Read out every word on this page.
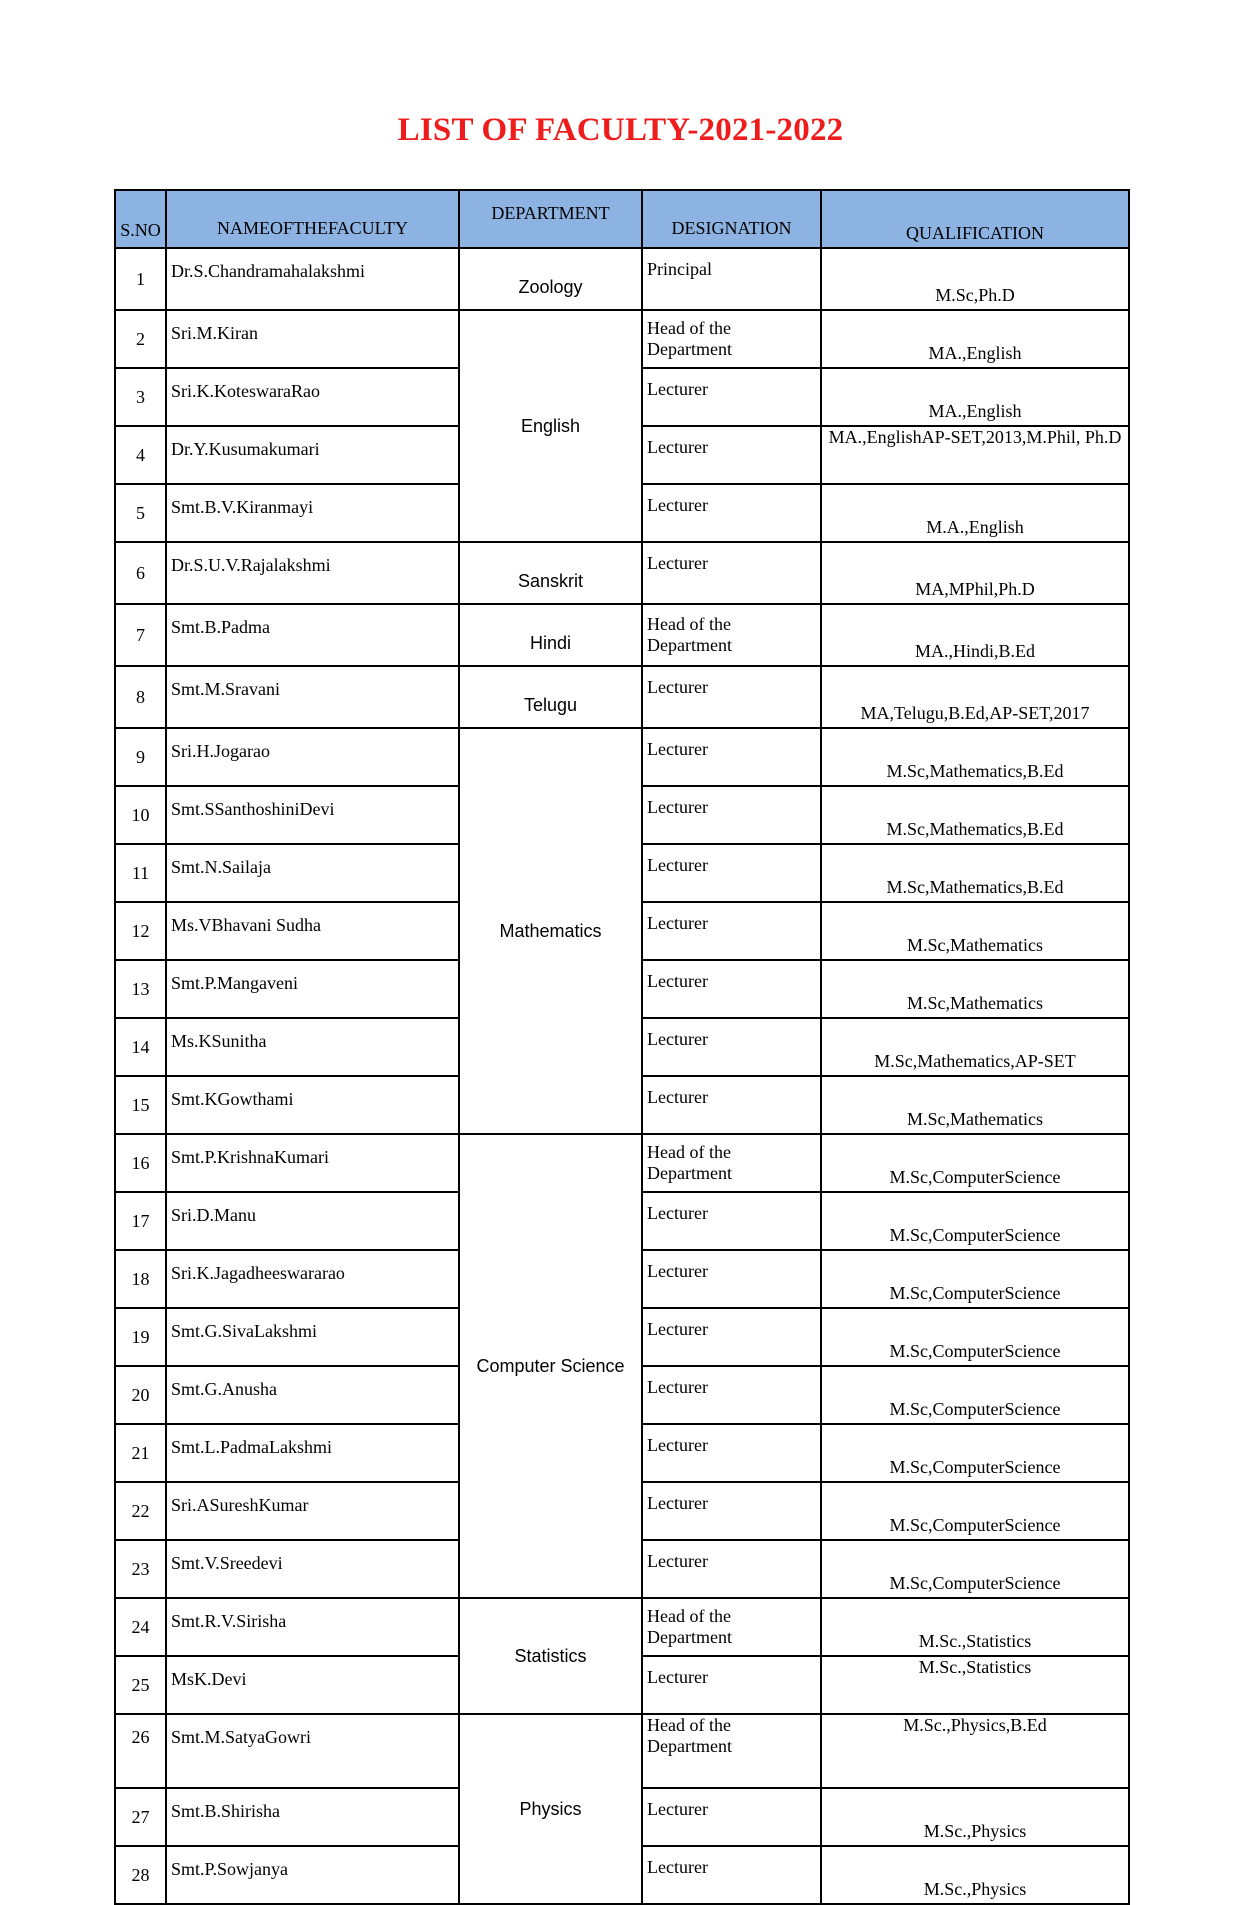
LIST OF FACULTY-2021-2022
S.NO	NAMEOFTHEFACULTY	DEPARTMENT	DESIGNATION	QUALIFICATION
1	Dr.S.Chandramahalakshmi	Zoology	Principal	M.Sc,Ph.D
2	Sri.M.Kiran	English	Head of the Department	MA.,English
3	Sri.K.KoteswaraRao		Lecturer	MA.,English
4	Dr.Y.Kusumakumari		Lecturer	MA.,EnglishAP-SET,2013,M.Phil, Ph.D
5	Smt.B.V.Kiranmayi		Lecturer	M.A.,English
6	Dr.S.U.V.Rajalakshmi	Sanskrit	Lecturer	MA,MPhil,Ph.D
7	Smt.B.Padma	Hindi	Head of the Department	MA.,Hindi,B.Ed
8	Smt.M.Sravani	Telugu	Lecturer	MA,Telugu,B.Ed,AP-SET,2017
9	Sri.H.Jogarao	Mathematics	Lecturer	M.Sc,Mathematics,B.Ed
10	Smt.SSanthoshiniDevi		Lecturer	M.Sc,Mathematics,B.Ed
11	Smt.N.Sailaja		Lecturer	M.Sc,Mathematics,B.Ed
12	Ms.VBhavani Sudha		Lecturer	M.Sc,Mathematics
13	Smt.P.Mangaveni		Lecturer	M.Sc,Mathematics
14	Ms.KSunitha		Lecturer	M.Sc,Mathematics,AP-SET
15	Smt.KGowthami		Lecturer	M.Sc,Mathematics
16	Smt.P.KrishnaKumari	Computer Science	Head of the Department	M.Sc,ComputerScience
17	Sri.D.Manu		Lecturer	M.Sc,ComputerScience
18	Sri.K.Jagadheeswararao		Lecturer	M.Sc,ComputerScience
19	Smt.G.SivaLakshmi		Lecturer	M.Sc,ComputerScience
20	Smt.G.Anusha		Lecturer	M.Sc,ComputerScience
21	Smt.L.PadmaLakshmi		Lecturer	M.Sc,ComputerScience
22	Sri.ASureshKumar		Lecturer	M.Sc,ComputerScience
23	Smt.V.Sreedevi		Lecturer	M.Sc,ComputerScience
24	Smt.R.V.Sirisha	Statistics	Head of the Department	M.Sc.,Statistics
25	MsK.Devi		Lecturer	M.Sc.,Statistics
26	Smt.M.SatyaGowri	Physics	Head of the Department	M.Sc.,Physics,B.Ed
27	Smt.B.Shirisha		Lecturer	M.Sc.,Physics
28	Smt.P.Sowjanya		Lecturer	M.Sc.,Physics
